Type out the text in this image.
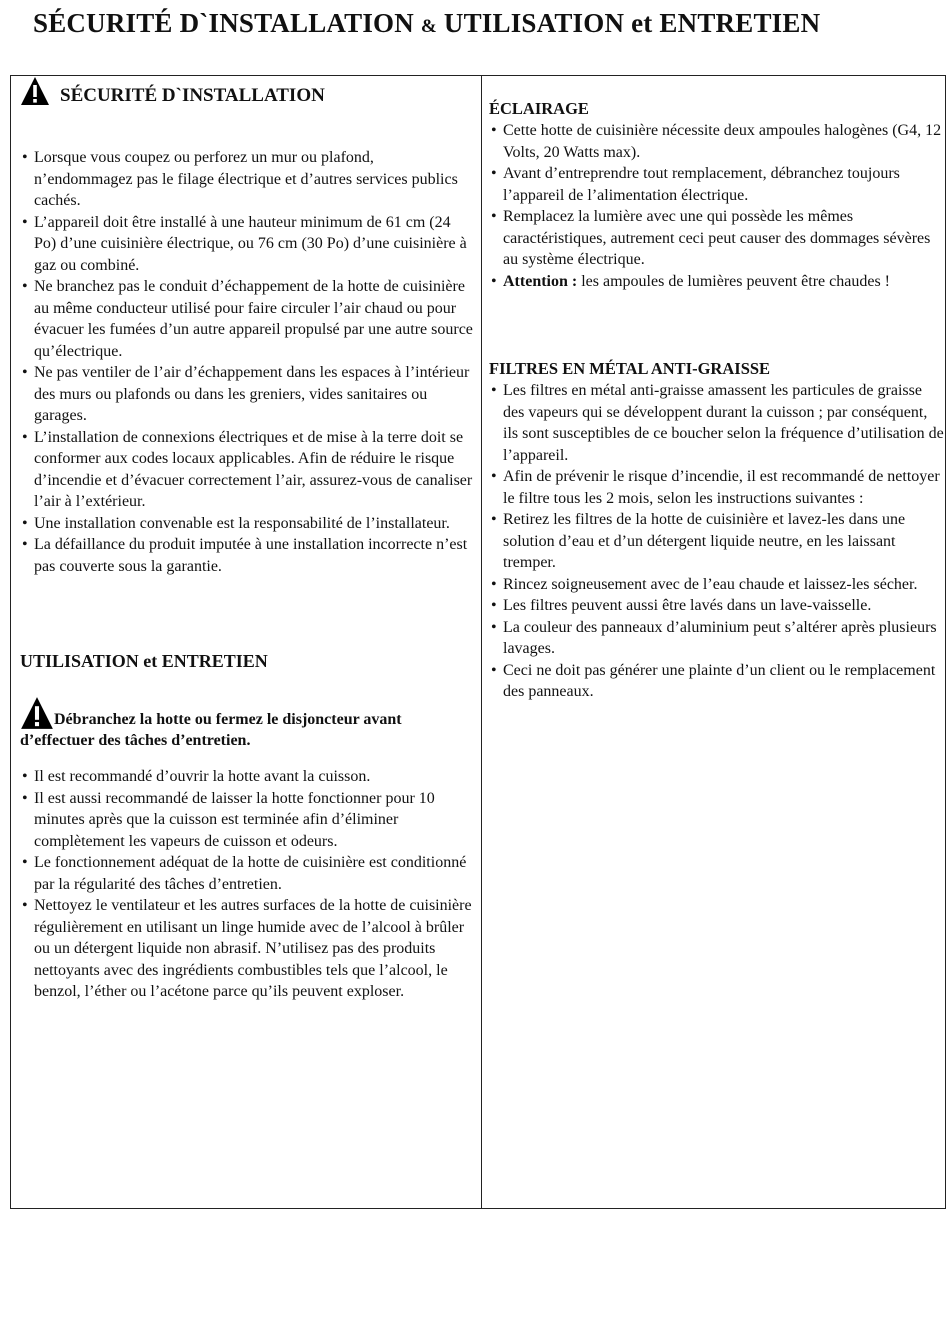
SÉCURITÉ D`INSTALLATION & UTILISATION et ENTRETIEN
SÉCURITÉ D`INSTALLATION
• Lorsque vous coupez ou perforez un mur ou plafond, n’endommagez pas le filage électrique et d’autres services publics cachés.
• L’appareil doit être installé à une hauteur minimum de 61 cm (24 Po) d’une cuisinière électrique, ou 76 cm (30 Po) d’une cuisinière à gaz ou combiné.
• Ne branchez pas le conduit d’échappement de la hotte de cuisinière au même conducteur utilisé pour faire circuler l’air chaud ou pour évacuer les fumées d’un autre appareil propulsé par une autre source qu’électrique.
• Ne pas ventiler de l’air d’échappement dans les espaces à l’intérieur des murs ou plafonds ou dans les greniers, vides sanitaires ou garages.
• L’installation de connexions électriques et de mise à la terre doit se conformer aux codes locaux applicables. Afin de réduire le risque d’incendie et d’évacuer correctement l’air, assurez-vous de canaliser l’air à l’extérieur.
• Une installation convenable est la responsabilité de l’installateur.
• La défaillance du produit imputée à une installation incorrecte n’est pas couverte sous la garantie.
UTILISATION et ENTRETIEN
Débranchez la hotte ou fermez le disjoncteur avant
d’effectuer des tâches d’entretien.
• Il est recommandé d’ouvrir la hotte avant la cuisson.
• Il est aussi recommandé de laisser la hotte fonctionner pour 10 minutes après que la cuisson est terminée afin d’éliminer complètement les vapeurs de cuisson et odeurs.
• Le fonctionnement adéquat de la hotte de cuisinière est conditionné par la régularité des tâches d’entretien.
• Nettoyez le ventilateur et les autres surfaces de la hotte de cuisinière régulièrement en utilisant un linge humide avec de l’alcool à brûler ou un détergent liquide non abrasif. N’utilisez pas des produits nettoyants avec des ingrédients combustibles tels que l’alcool, le benzol, l’éther ou l’acétone parce qu’ils peuvent exploser.
ÉCLAIRAGE
• Cette hotte de cuisinière nécessite deux ampoules halogènes (G4, 12 Volts, 20 Watts max).
• Avant d’entreprendre tout remplacement, débranchez toujours l’appareil de l’alimentation électrique.
• Remplacez la lumière avec une qui possède les mêmes caractéristiques, autrement ceci peut causer des dommages sévères au système électrique.
• Attention : les ampoules de lumières peuvent être chaudes !
FILTRES EN MÉTAL ANTI-GRAISSE
• Les filtres en métal anti-graisse amassent les particules de graisse des vapeurs qui se développent durant la cuisson ; par conséquent, ils sont susceptibles de ce boucher selon la fréquence d’utilisation de l’appareil.
• Afin de prévenir le risque d’incendie, il est recommandé de nettoyer le filtre tous les 2 mois, selon les instructions suivantes :
• Retirez les filtres de la hotte de cuisinière et lavez-les dans une solution d’eau et d’un détergent liquide neutre, en les laissant tremper.
• Rincez soigneusement avec de l’eau chaude et laissez-les sécher.
• Les filtres peuvent aussi être lavés dans un lave-vaisselle.
• La couleur des panneaux d’aluminium peut s’altérer après plusieurs lavages.
• Ceci ne doit pas générer une plainte d’un client ou le remplacement des panneaux.
